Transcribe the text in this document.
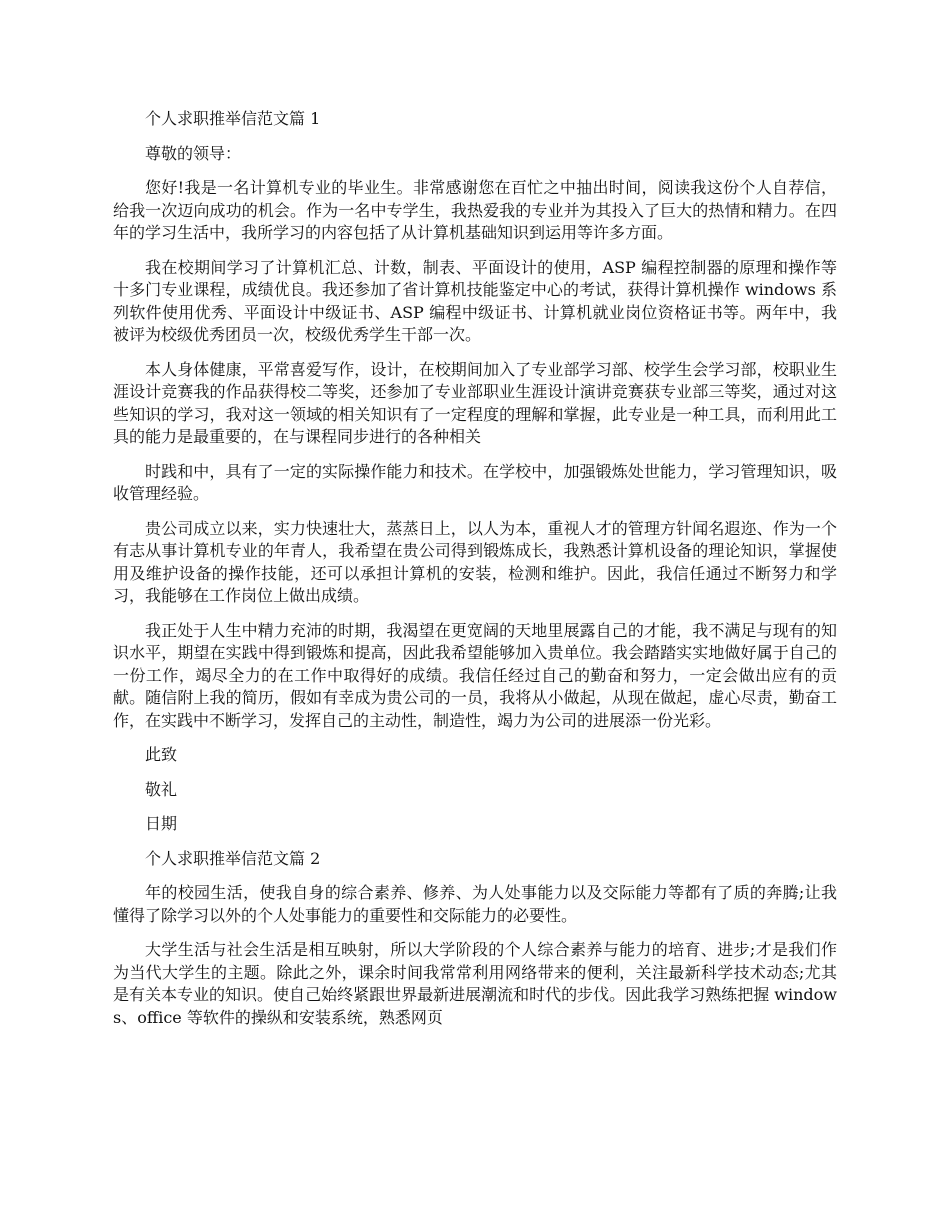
个人求职推举信范文篇 1

尊敬的领导：

您好!我是一名计算机专业的毕业生。非常感谢您在百忙之中抽出时间，阅读我这份个人自荐信，给我一次迈向成功的机会。作为一名中专学生，我热爱我的专业并为其投入了巨大的热情和精力。在四年的学习生活中，我所学习的内容包括了从计算机基础知识到运用等许多方面。

我在校期间学习了计算机汇总、计数，制表、平面设计的使用，ASP 编程控制器的原理和操作等十多门专业课程，成绩优良。我还参加了省计算机技能鉴定中心的考试，获得计算机操作 windows 系列软件使用优秀、平面设计中级证书、ASP 编程中级证书、计算机就业岗位资格证书等。两年中，我被评为校级优秀团员一次，校级优秀学生干部一次。

本人身体健康，平常喜爱写作，设计，在校期间加入了专业部学习部、校学生会学习部，校职业生涯设计竞赛我的作品获得校二等奖，还参加了专业部职业生涯设计演讲竞赛获专业部三等奖，通过对这些知识的学习，我对这一领域的相关知识有了一定程度的理解和掌握，此专业是一种工具，而利用此工具的能力是最重要的，在与课程同步进行的各种相关

时践和中，具有了一定的实际操作能力和技术。在学校中，加强锻炼处世能力，学习管理知识，吸收管理经验。

贵公司成立以来，实力快速壮大，蒸蒸日上，以人为本，重视人才的管理方针闻名遐迩、作为一个有志从事计算机专业的年青人，我希望在贵公司得到锻炼成长，我熟悉计算机设备的理论知识，掌握使用及维护设备的操作技能，还可以承担计算机的安装，检测和维护。因此，我信任通过不断努力和学习，我能够在工作岗位上做出成绩。

我正处于人生中精力充沛的时期，我渴望在更宽阔的天地里展露自己的才能，我不满足与现有的知识水平，期望在实践中得到锻炼和提高，因此我希望能够加入贵单位。我会踏踏实实地做好属于自己的一份工作，竭尽全力的在工作中取得好的成绩。我信任经过自己的勤奋和努力，一定会做出应有的贡献。随信附上我的简历，假如有幸成为贵公司的一员，我将从小做起，从现在做起，虚心尽责，勤奋工作，在实践中不断学习，发挥自己的主动性，制造性，竭力为公司的进展添一份光彩。

此致

敬礼

日期

个人求职推举信范文篇 2

年的校园生活，使我自身的综合素养、修养、为人处事能力以及交际能力等都有了质的奔腾;让我懂得了除学习以外的个人处事能力的重要性和交际能力的必要性。

大学生活与社会生活是相互映射，所以大学阶段的个人综合素养与能力的培育、进步;才是我们作为当代大学生的主题。除此之外，课余时间我常常利用网络带来的便利，关注最新科学技术动态;尤其是有关本专业的知识。使自己始终紧跟世界最新进展潮流和时代的步伐。因此我学习熟练把握 windows、office 等软件的操纵和安装系统，熟悉网页
